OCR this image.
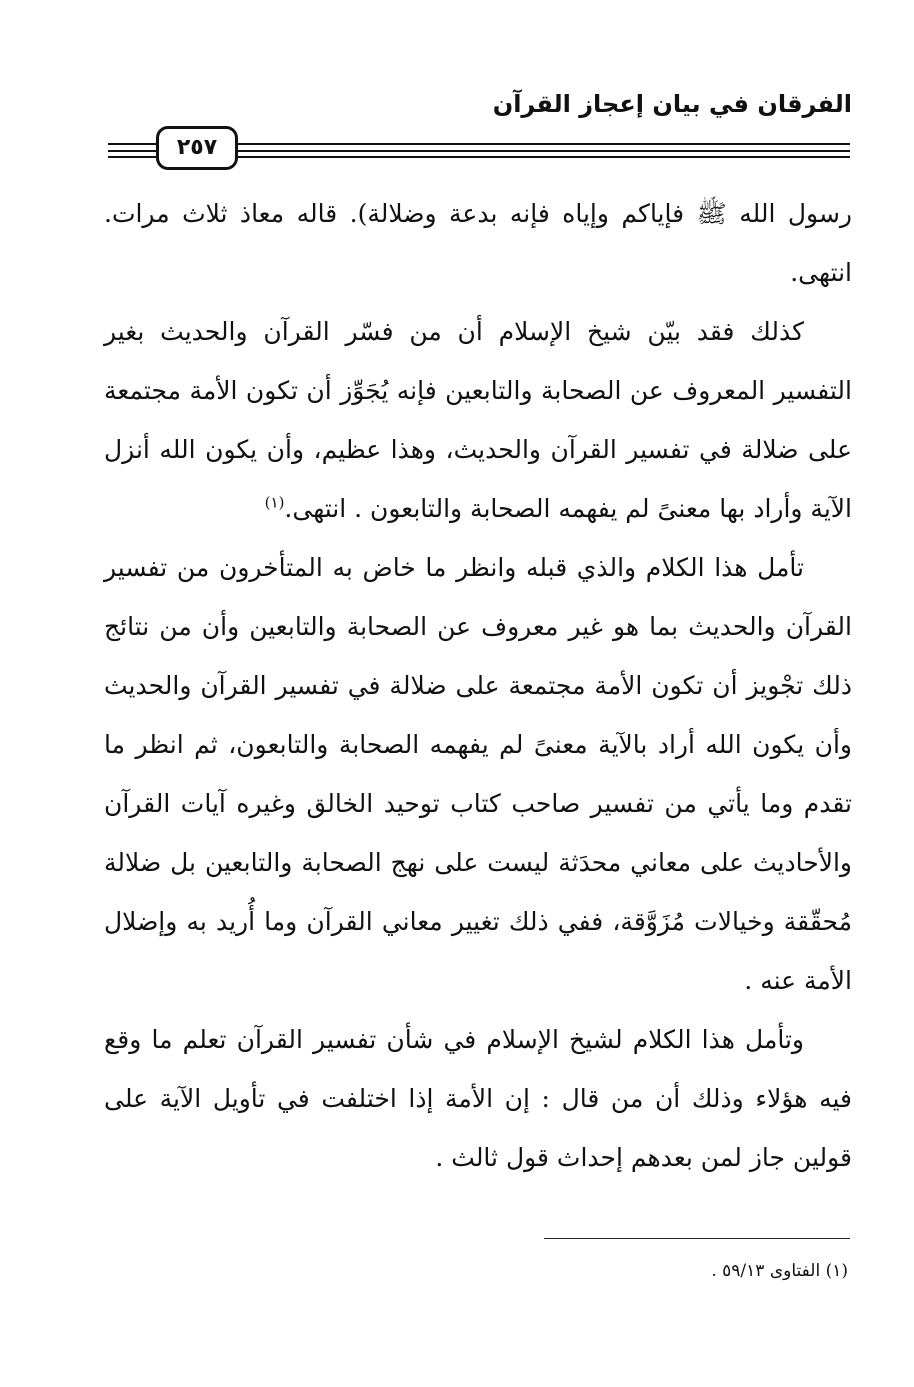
الفرقان في بيان إعجاز القرآن
٢٥٧

رسول الله ﷺ فإياكم وإياه فإنه بدعة وضلالة). قاله معاذ ثلاث مرات. انتهى.

كذلك فقد بيّن شيخ الإسلام أن من فسّر القرآن والحديث بغير التفسير المعروف عن الصحابة والتابعين فإنه يُجَوِّز أن تكون الأمة مجتمعة على ضلالة في تفسير القرآن والحديث، وهذا عظيم، وأن يكون الله أنزل الآية وأراد بها معنىً لم يفهمه الصحابة والتابعون . انتهى.$^{(١)}$

تأمل هذا الكلام والذي قبله وانظر ما خاض به المتأخرون من تفسير القرآن والحديث بما هو غير معروف عن الصحابة والتابعين وأن من نتائج ذلك تجْويز أن تكون الأمة مجتمعة على ضلالة في تفسير القرآن والحديث وأن يكون الله أراد بالآية معنىً لم يفهمه الصحابة والتابعون، ثم انظر ما تقدم وما يأتي من تفسير صاحب كتاب توحيد الخالق وغيره آيات القرآن والأحاديث على معاني محدَثة ليست على نهج الصحابة والتابعين بل ضلالة مُحقّقة وخيالات مُزَوَّقة، ففي ذلك تغيير معاني القرآن وما أُريد به وإضلال الأمة عنه .

وتأمل هذا الكلام لشيخ الإسلام في شأن تفسير القرآن تعلم ما وقع فيه هؤلاء وذلك أن من قال : إن الأمة إذا اختلفت في تأويل الآية على قولين جاز لمن بعدهم إحداث قول ثالث .

(١) الفتاوى ٥٩/١٣ .
